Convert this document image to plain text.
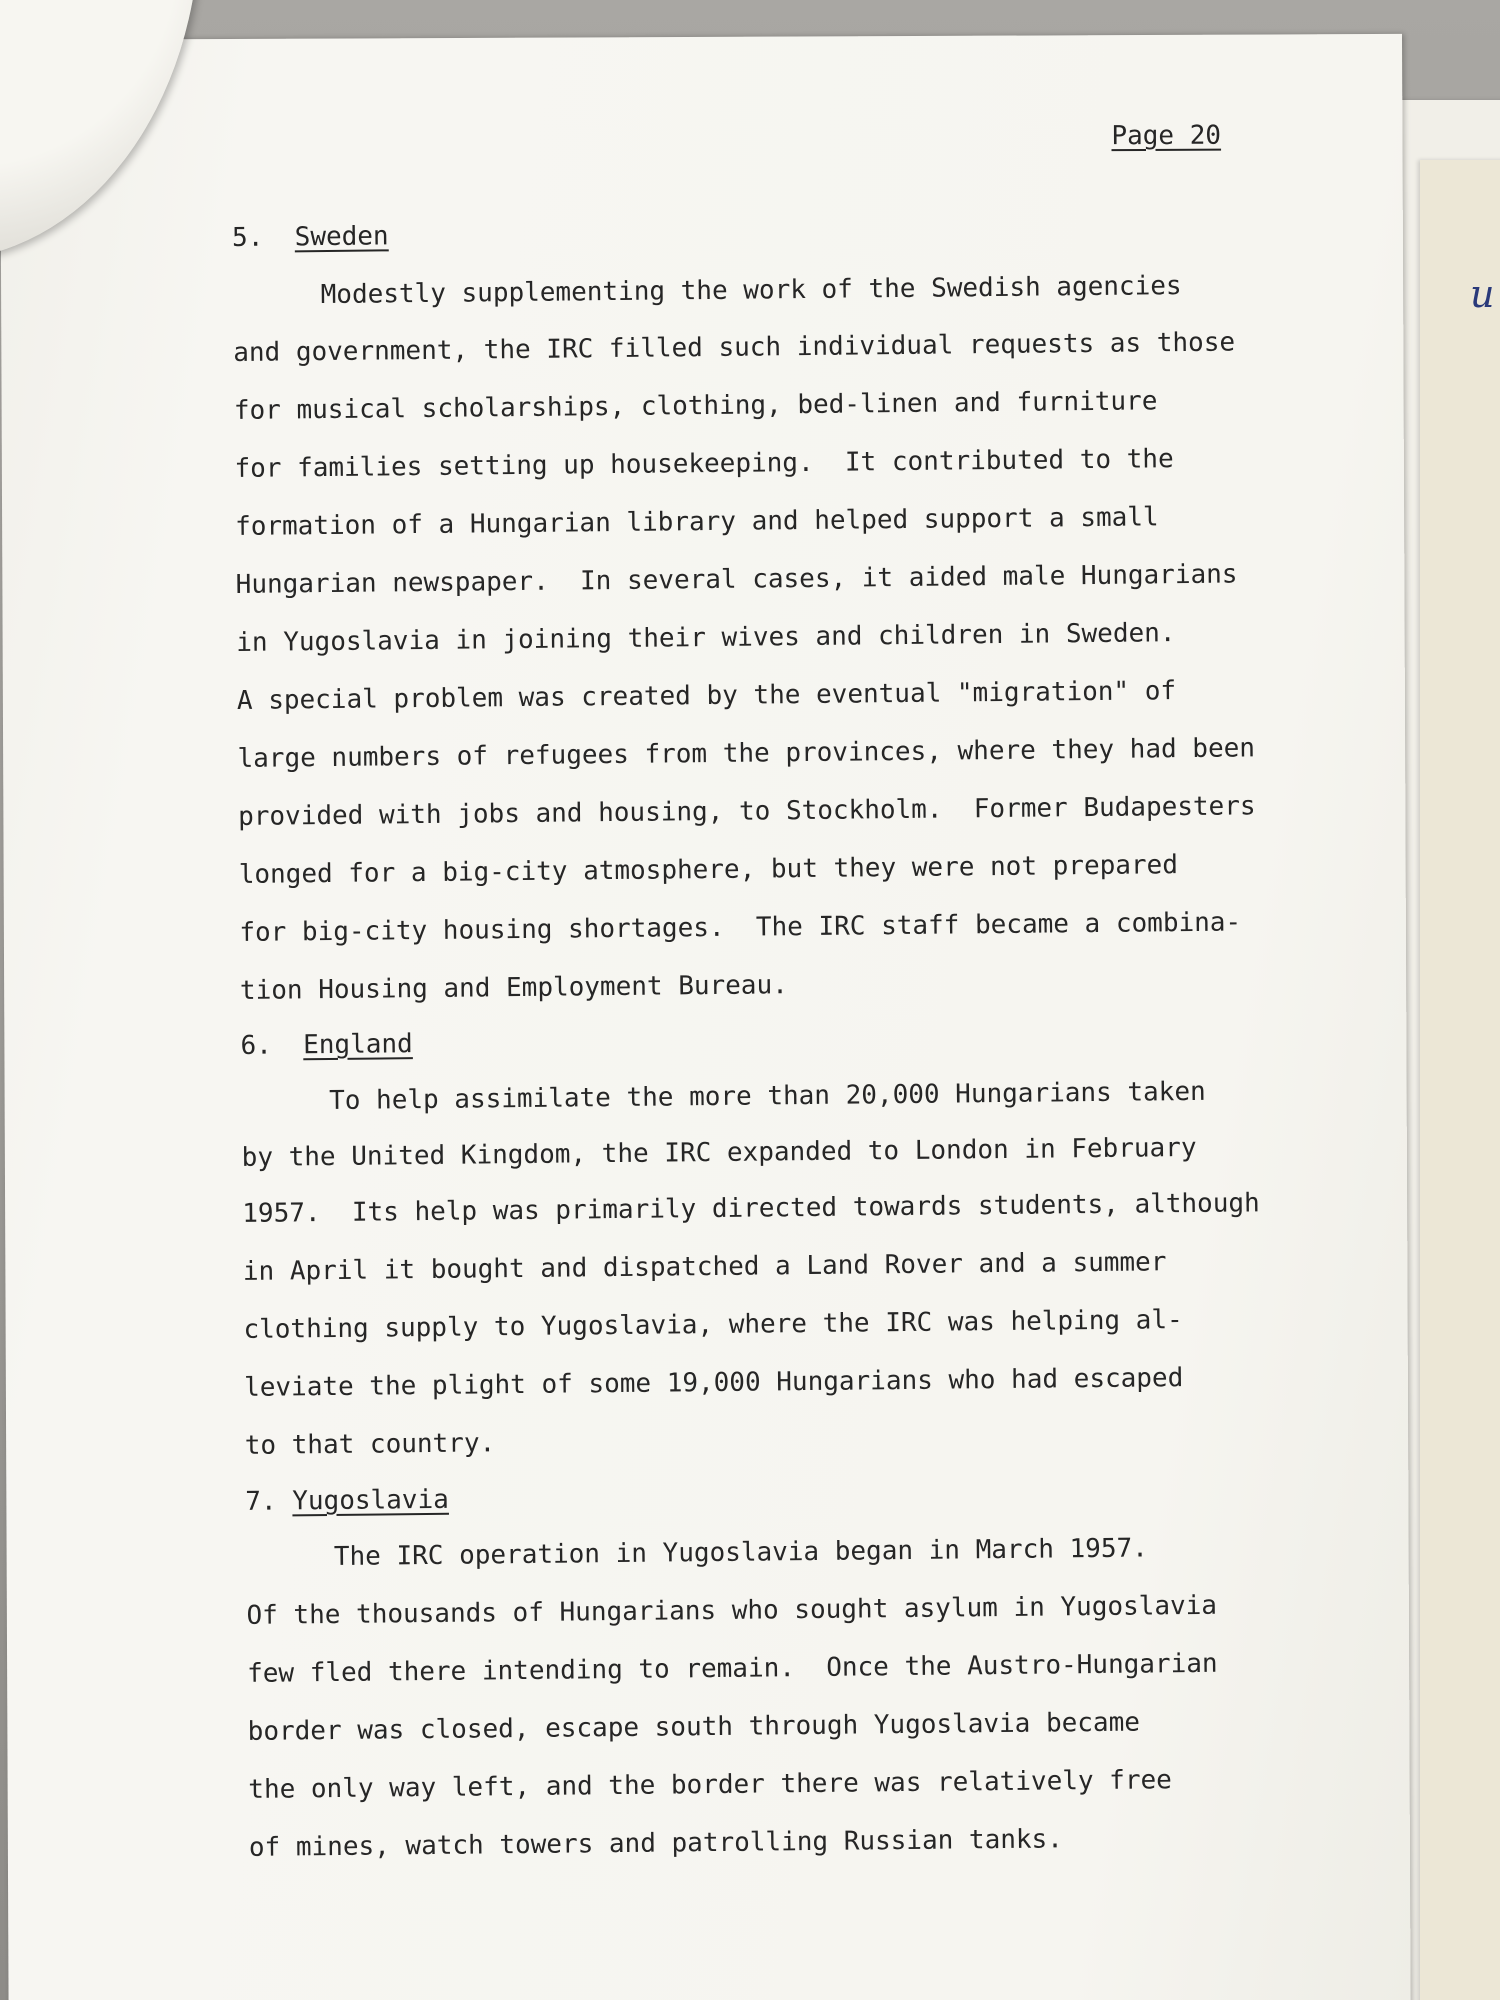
u
Page 20

5. Sweden

Modestly supplementing the work of the Swedish agencies

and government, the IRC filled such individual requests as those

for musical scholarships, clothing, bed-linen and furniture

for families setting up housekeeping.  It contributed to the

formation of a Hungarian library and helped support a small

Hungarian newspaper.  In several cases, it aided male Hungarians

in Yugoslavia in joining their wives and children in Sweden.

A special problem was created by the eventual "migration" of

large numbers of refugees from the provinces, where they had been

provided with jobs and housing, to Stockholm.  Former Budapesters

longed for a big-city atmosphere, but they were not prepared

for big-city housing shortages.  The IRC staff became a combina-

tion Housing and Employment Bureau.

6. England

To help assimilate the more than 20,000 Hungarians taken

by the United Kingdom, the IRC expanded to London in February

1957.  Its help was primarily directed towards students, although

in April it bought and dispatched a Land Rover and a summer

clothing supply to Yugoslavia, where the IRC was helping al-

leviate the plight of some 19,000 Hungarians who had escaped

to that country.

7. Yugoslavia

The IRC operation in Yugoslavia began in March 1957.

Of the thousands of Hungarians who sought asylum in Yugoslavia

few fled there intending to remain.  Once the Austro-Hungarian

border was closed, escape south through Yugoslavia became

the only way left, and the border there was relatively free

of mines, watch towers and patrolling Russian tanks.
